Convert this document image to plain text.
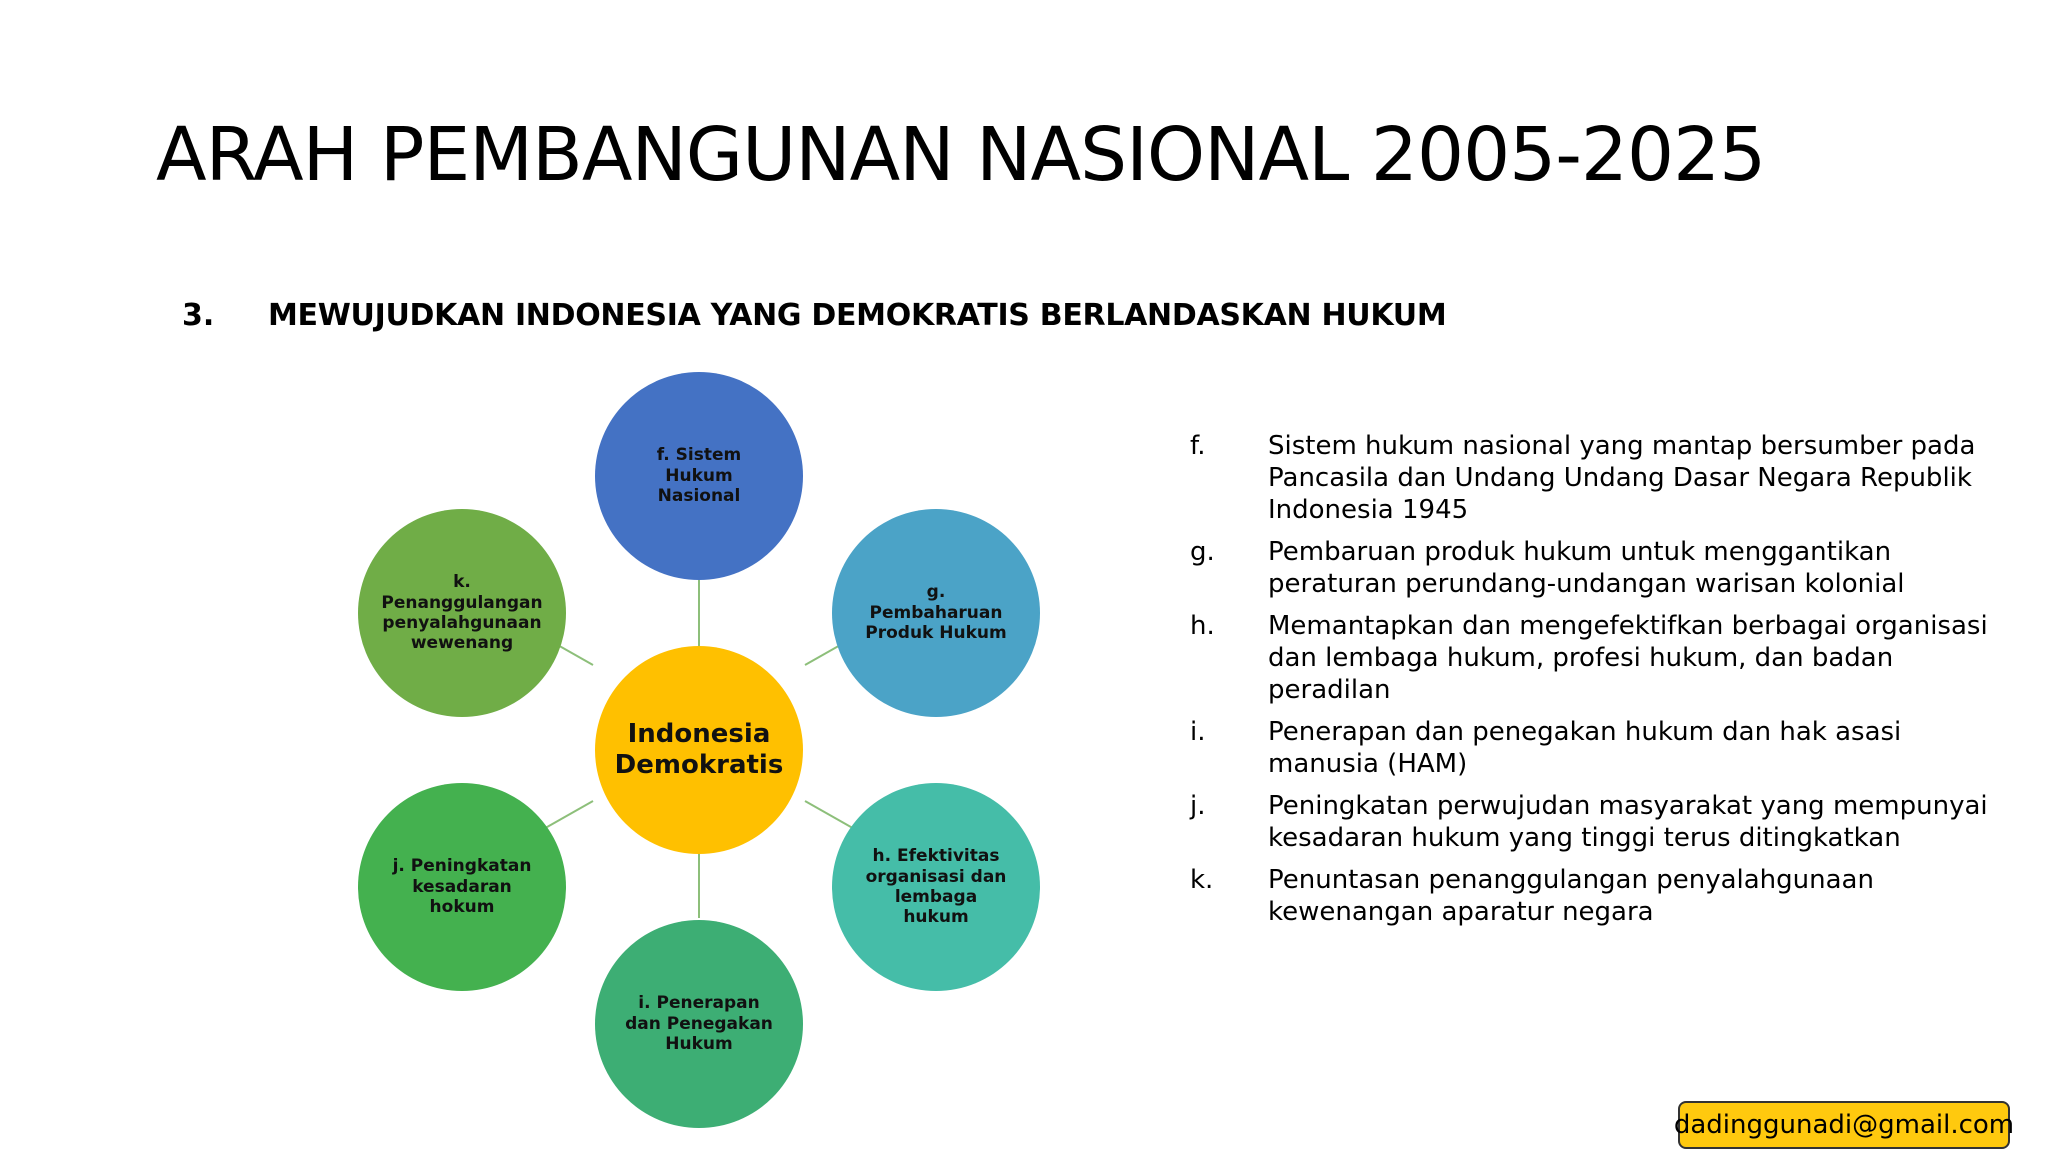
ARAH PEMBANGUNAN NASIONAL 2005-2025
3. MEWUJUDKAN INDONESIA YANG DEMOKRATIS BERLANDASKAN HUKUM
Indonesia Demokratis
f. Sistem Hukum Nasional
g. Pembaharuan Produk Hukum
h. Efektivitas organisasi dan lembaga hukum
i. Penerapan dan Penegakan Hukum
j. Peningkatan kesadaran hokum
k. Penanggulangan penyalahgunaan wewenang
f.	Sistem hukum nasional yang mantap bersumber pada Pancasila dan Undang Undang Dasar Negara Republik Indonesia 1945
g.	Pembaruan produk hukum untuk menggantikan peraturan perundang-undangan warisan kolonial
h.	Memantapkan dan mengefektifkan berbagai organisasi dan lembaga hukum, profesi hukum, dan badan peradilan
i.	Penerapan dan penegakan hukum dan hak asasi manusia (HAM)
j.	Peningkatan perwujudan masyarakat yang mempunyai kesadaran hukum yang tinggi terus ditingkatkan
k.	Penuntasan penanggulangan penyalahgunaan kewenangan aparatur negara
dadinggunadi@gmail.com
